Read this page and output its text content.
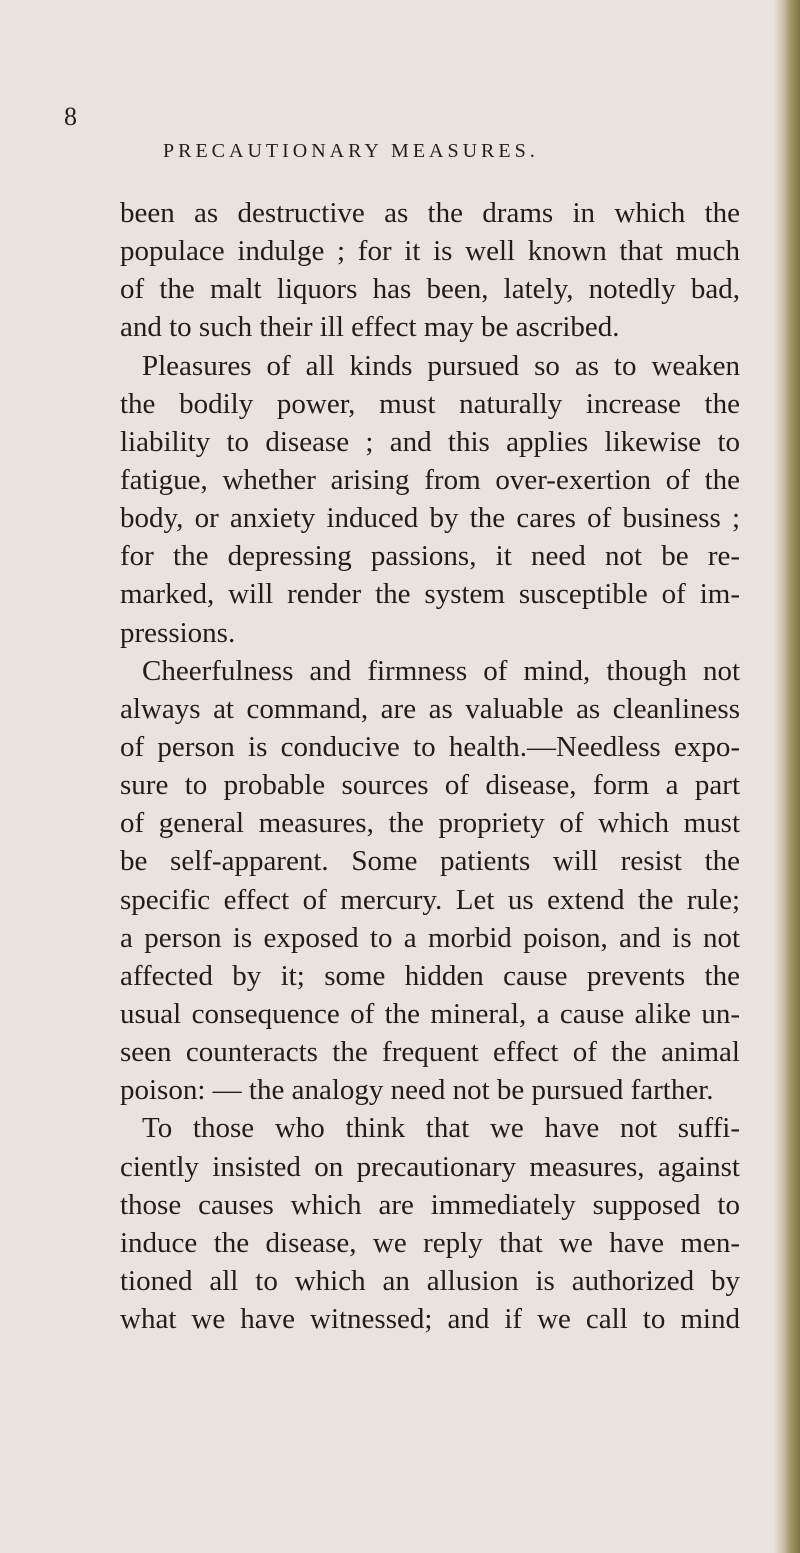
8
PRECAUTIONARY MEASURES.
been as destructive as the drams in which the
populace indulge ; for it is well known that much
of the malt liquors has been, lately, notedly bad,
and to such their ill effect may be ascribed.
Pleasures of all kinds pursued so as to weaken
the bodily power, must naturally increase the
liability to disease ; and this applies likewise to
fatigue, whether arising from over-exertion of the
body, or anxiety induced by the cares of business ;
for the depressing passions, it need not be re-
marked, will render the system susceptible of im-
pressions.
Cheerfulness and firmness of mind, though not
always at command, are as valuable as cleanliness
of person is conducive to health.—Needless expo-
sure to probable sources of disease, form a part
of general measures, the propriety of which must
be self-apparent. Some patients will resist the
specific effect of mercury. Let us extend the rule;
a person is exposed to a morbid poison, and is not
affected by it; some hidden cause prevents the
usual consequence of the mineral, a cause alike un-
seen counteracts the frequent effect of the animal
poison: — the analogy need not be pursued farther.
To those who think that we have not suffi-
ciently insisted on precautionary measures, against
those causes which are immediately supposed to
induce the disease, we reply that we have men-
tioned all to which an allusion is authorized by
what we have witnessed; and if we call to mind
